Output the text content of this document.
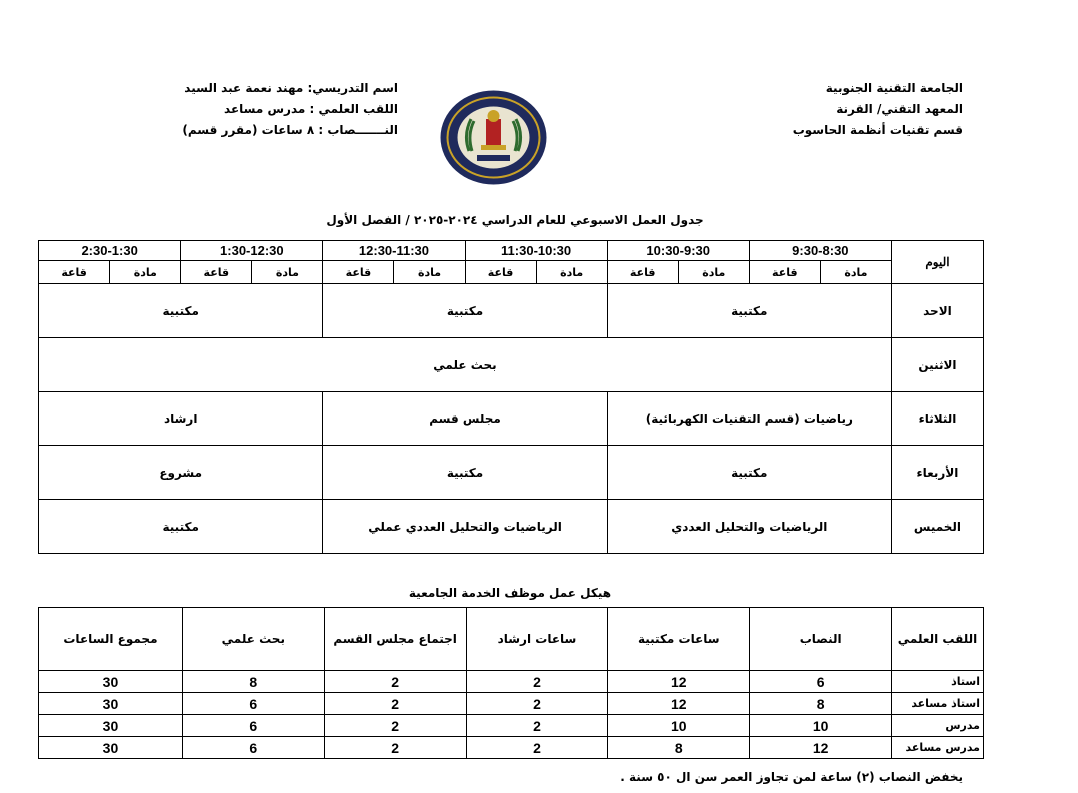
الجامعة التقنية الجنوبية
المعهد التقني/ القرنة
قسم تقنيات أنظمة الحاسوب
اسم التدريسي: مهند نعمة عبد السيد
اللقب العلمي : مدرس مساعد
النـــــــصاب : ٨ ساعات (مقرر قسم)
جدول العمل الاسبوعي للعام الدراسي ٢٠٢٤-٢٠٢٥ / الفصل الأول
اليوم	9:30-8:30		10:30-9:30		11:30-10:30		12:30-11:30		1:30-12:30		2:30-1:30	
	مادة	قاعة	مادة	قاعة	مادة	قاعة	مادة	قاعة	مادة	قاعة	مادة	قاعة
الاحد	مكتبية				مكتبية				مكتبية			
الاثنين	بحث علمي											
الثلاثاء	رياضيات (قسم التقنيات الكهربائية)				مجلس قسم				ارشاد			
الأربعاء	مكتبية				مكتبية				مشروع			
الخميس	الرياضيات والتحليل العددي				الرياضيات والتحليل العددي عملي				مكتبية			
هيكل عمل موظف الخدمة الجامعية
اللقب العلمي	النصاب	ساعات مكتبية	ساعات ارشاد	اجتماع مجلس القسم	بحث علمي	مجموع الساعات
استاذ	6	12	2	2	8	30
استاذ مساعد	8	12	2	2	6	30
مدرس	10	10	2	2	6	30
مدرس مساعد	12	8	2	2	6	30
يخفض النصاب (٢) ساعة لمن تجاوز العمر سن ال ٥٠ سنة .
